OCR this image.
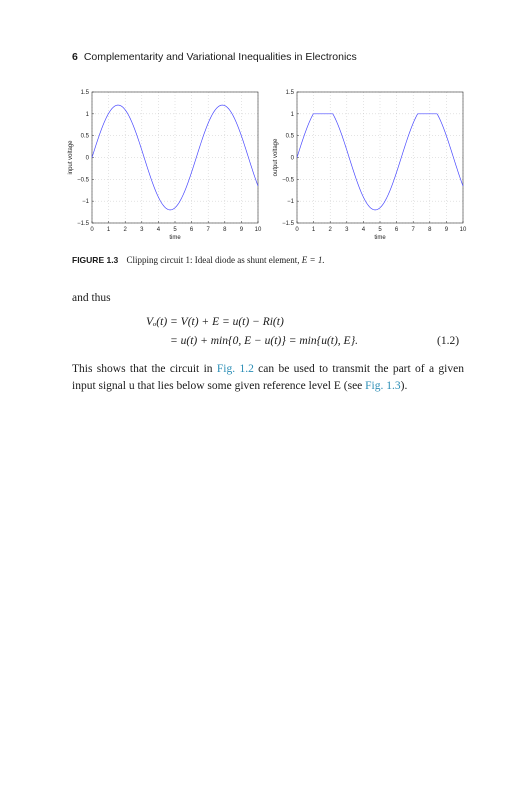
6 Complementarity and Variational Inequalities in Electronics
0 1 2 3 4 5 6 7 8 9 10
1.5
1
0.5
0
−0.5
−1
−1.5
time
input voltage
0 1 2 3 4 5 6 7 8 9 10
1.5
1
0.5
0
−0.5
−1
−1.5
time
output voltage
FIGURE 1.3 Clipping circuit 1: Ideal diode as shunt element, E = 1.
and thus
Vₒ(t) = V(t) + E = u(t) − Ri(t)
= u(t) + min{0, E − u(t)} = min{u(t), E}.	(1.2)
This shows that the circuit in Fig. 1.2 can be used to transmit the part of a given input signal u that lies below some given reference level E (see Fig. 1.3).
